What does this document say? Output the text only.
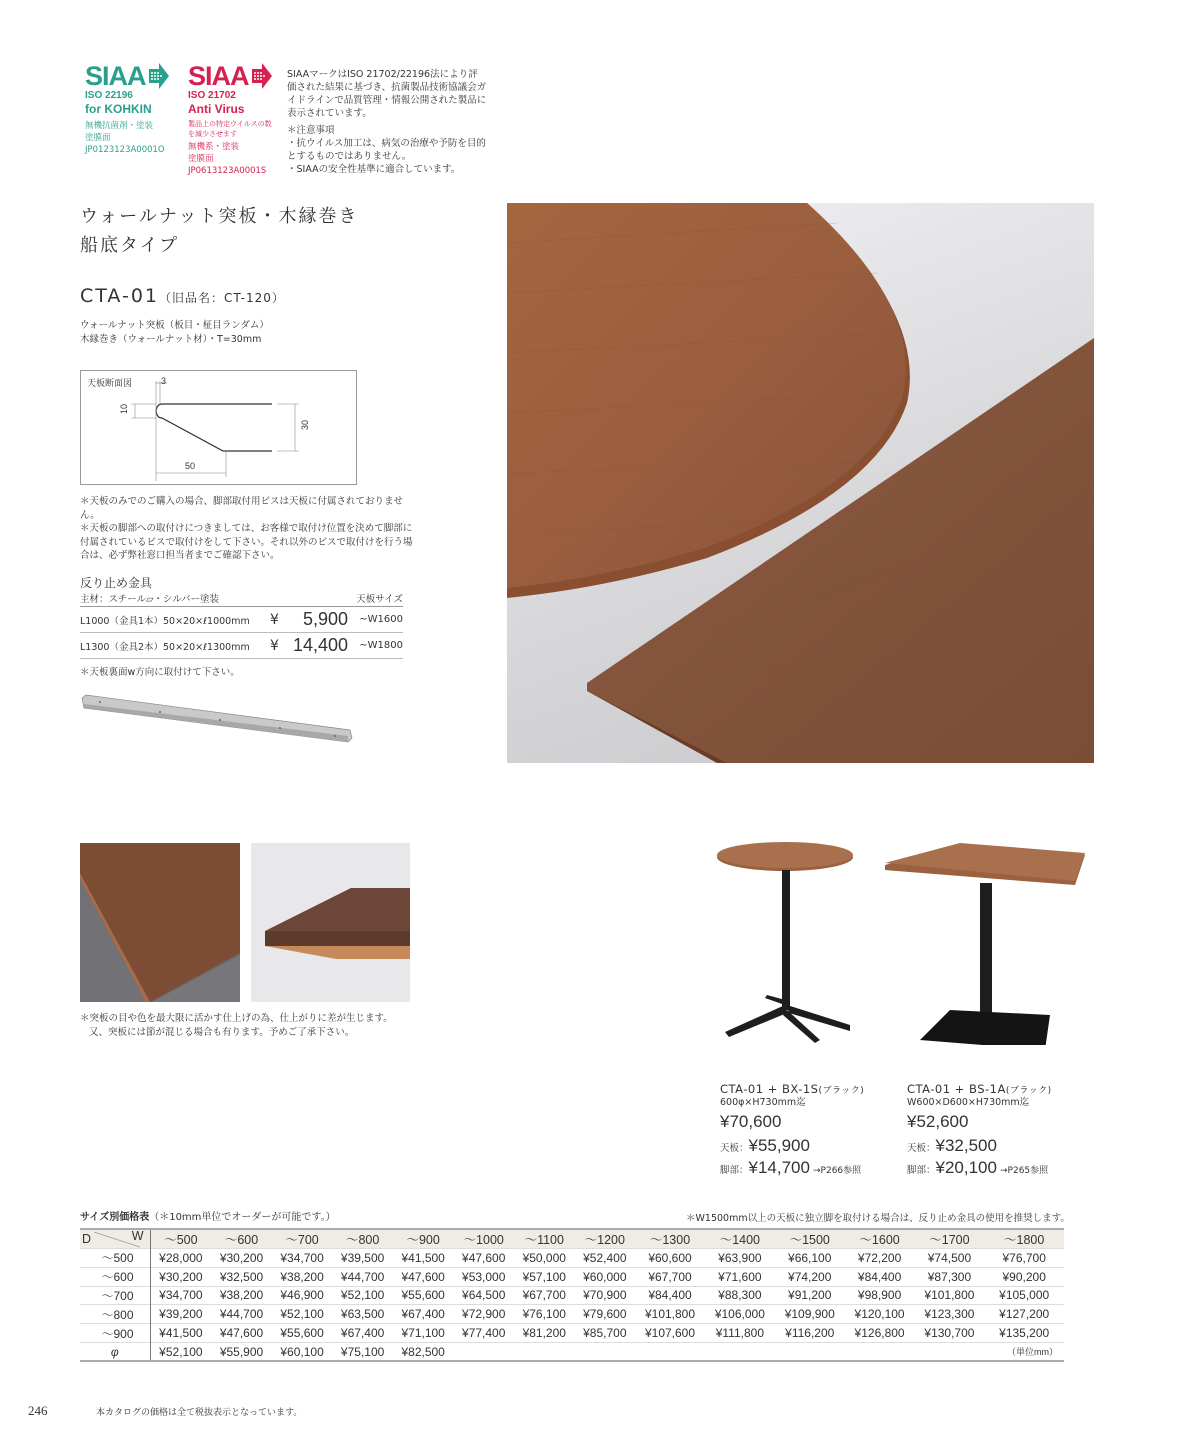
SIAA
ISO 22196
for KOHKIN
無機抗菌剤・塗装
塗膜面
JP0123123A0001O
SIAA
ISO 21702
Anti Virus
製品上の特定ウイルスの数を減少させます
無機系・塗装
塗膜面
JP0613123A0001S

SIAAマークはISO 21702/22196法により評価された結果に基づき、抗菌製品技術協議会ガイドラインで品質管理・情報公開された製品に表示されています。

＊注意事項
・抗ウイルス加工は、病気の治療や予防を目的とするものではありません。
・SIAAの安全性基準に適合しています。
ウォールナット突板・木縁巻き
船底タイプ
CTA-01（旧品名：CT-120）
ウォールナット突板（板目・柾目ランダム）
木縁巻き（ウォールナット材）・T=30mm
天板断面図	3
10
30
50
＊天板のみでのご購入の場合、脚部取付用ビスは天板に付属されておりません。
＊天板の脚部への取付けにつきましては、お客様で取付け位置を決めて脚部に付属されているビスで取付けをして下さい。それ以外のビスで取付けを行う場合は、必ず弊社窓口担当者までご確認下さい。
反り止め金具
主材：スチール▱・シルバー塗装	天板サイズ
L1000（金具1本）50×20×ℓ1000mm	¥	5,900	~W1600
L1300（金具2本）50×20×ℓ1300mm	¥ 14,400	~W1800
＊天板裏面w方向に取付けて下さい。
＊突板の目や色を最大限に活かす仕上げの為、仕上がりに差が生じます。
又、突板には節が混じる場合も有ります。予めご了承下さい。
CTA-01 + BX-1S(ブラック)
600φ×H730mm迄
¥70,600
天板：¥55,900
脚部：¥14,700 →P266参照
CTA-01 + BS-1A(ブラック)
W600×D600×H730mm迄
¥52,600
天板：¥32,500
脚部：¥20,100 →P265参照
サイズ別価格表（＊10mm単位でオーダーが可能です。）	＊W1500mm以上の天板に独立脚を取付ける場合は、反り止め金具の使用を推奨します。
D W	～500	～600	～700	～800	～900	～1000	～1100	～1200	～1300	～1400	～1500	～1600	～1700	～1800
～500	¥28,000	¥30,200	¥34,700	¥39,500	¥41,500	¥47,600	¥50,000	¥52,400	¥60,600	¥63,900	¥66,100	¥72,200	¥74,500	¥76,700
～600	¥30,200	¥32,500	¥38,200	¥44,700	¥47,600	¥53,000	¥57,100	¥60,000	¥67,700	¥71,600	¥74,200	¥84,400	¥87,300	¥90,200
～700	¥34,700	¥38,200	¥46,900	¥52,100	¥55,600	¥64,500	¥67,700	¥70,900	¥84,400	¥88,300	¥91,200	¥98,900	¥101,800	¥105,000
～800	¥39,200	¥44,700	¥52,100	¥63,500	¥67,400	¥72,900	¥76,100	¥79,600	¥101,800	¥106,000	¥109,900	¥120,100	¥123,300	¥127,200
～900	¥41,500	¥47,600	¥55,600	¥67,400	¥71,100	¥77,400	¥81,200	¥85,700	¥107,600	¥111,800	¥116,200	¥126,800	¥130,700	¥135,200
φ	¥52,100	¥55,900	¥60,100	¥75,100	¥82,500									（単位mm）
246	本カタログの価格は全て税抜表示となっています。
